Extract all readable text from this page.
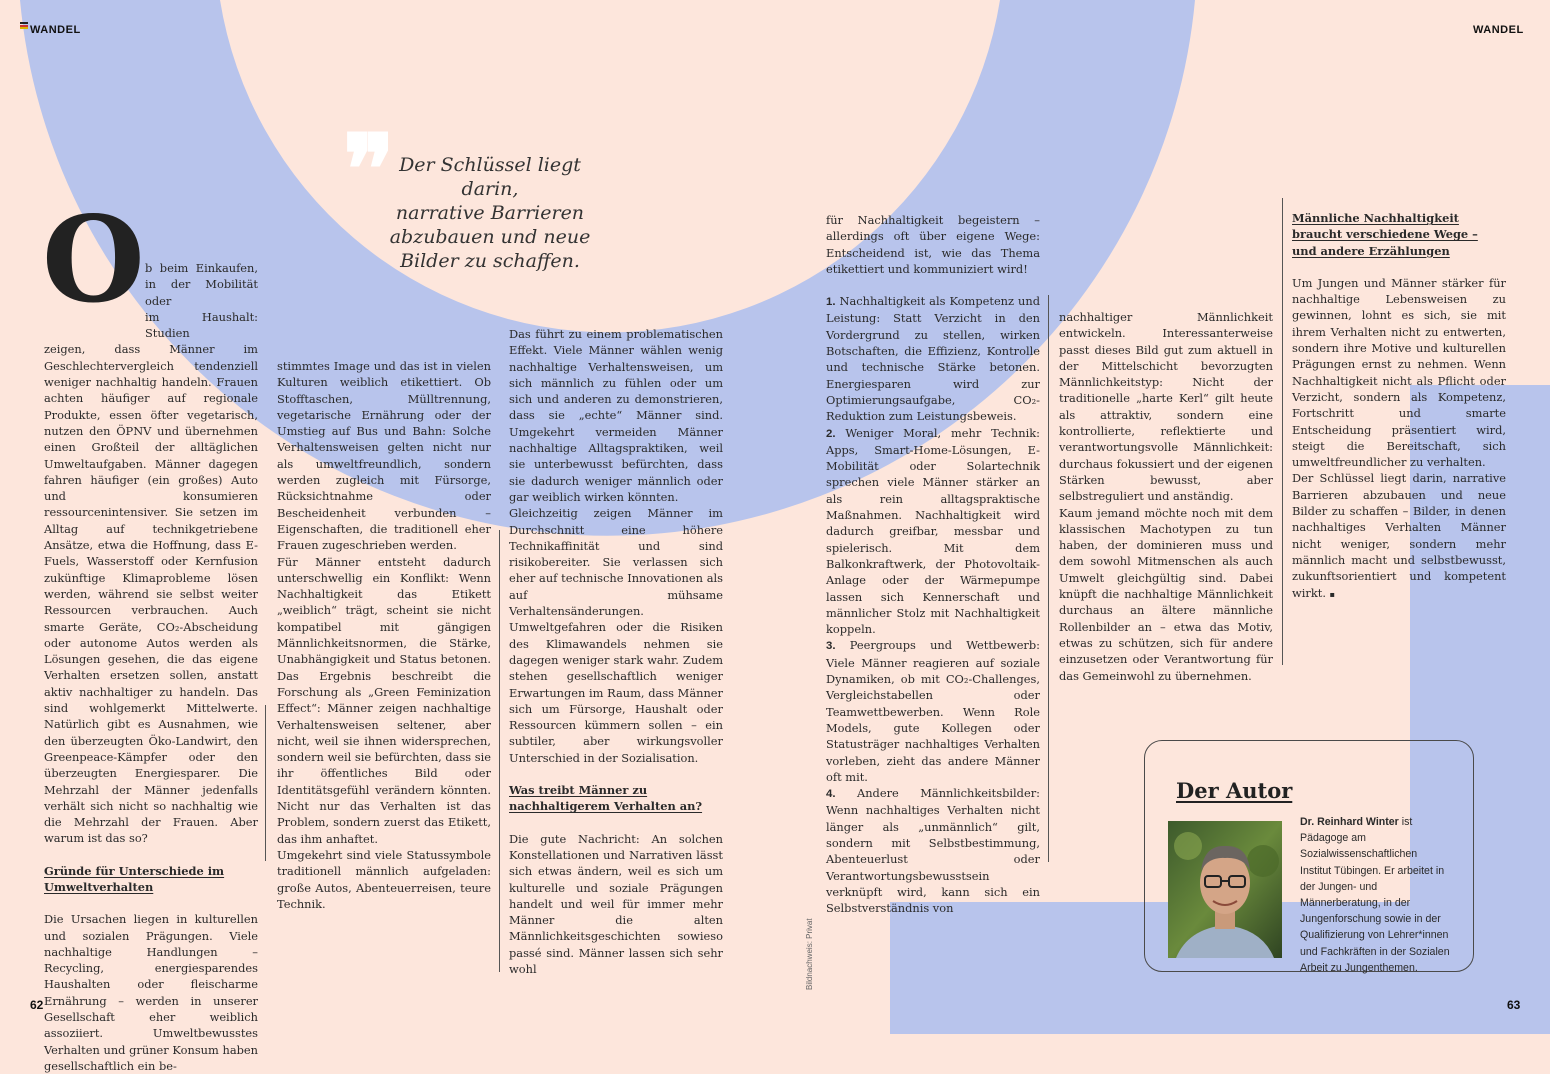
WANDEL	WANDEL
❞ Der Schlüssel liegt darin,
narrative Barrieren
abzubauen und neue
Bilder zu schaffen.
O b beim Einkaufen,
in der Mobilität oder
im Haushalt: Studien

zeigen, dass Männer im Geschlechtervergleich tendenziell weniger nachhaltig handeln. Frauen achten häufiger auf regionale Produkte, essen öfter vegetarisch, nutzen den ÖPNV und übernehmen einen Großteil der alltäglichen Umweltaufgaben. Männer dagegen fahren häufiger (ein großes) Auto und konsumieren ressourcenintensiver. Sie setzen im Alltag auf technikgetriebene Ansätze, etwa die Hoffnung, dass E-Fuels, Wasserstoff oder Kernfusion zukünftige Klimaprobleme lösen werden, während sie selbst weiter Ressourcen verbrauchen. Auch smarte Geräte, CO₂-Abscheidung oder autonome Autos werden als Lösungen gesehen, die das eigene Verhalten ersetzen sollen, anstatt aktiv nachhaltiger zu handeln. Das sind wohlgemerkt Mittelwerte. Natürlich gibt es Ausnahmen, wie den überzeugten Öko-Landwirt, den Greenpeace-Kämpfer oder den überzeugten Energiesparer. Die Mehrzahl der Männer jedenfalls verhält sich nicht so nachhaltig wie die Mehrzahl der Frauen. Aber warum ist das so?

Gründe für Unterschiede im Umweltverhalten

Die Ursachen liegen in kulturellen und sozialen Prägungen. Viele nachhaltige Handlungen – Recycling, energiesparendes Haushalten oder fleischarme Ernährung – werden in unserer Gesellschaft eher weiblich assoziiert. Umweltbewusstes Verhalten und grüner Konsum haben gesellschaftlich ein be-

stimmtes Image und das ist in vielen Kulturen weiblich etikettiert. Ob Stofftaschen, Mülltrennung, vegetarische Ernährung oder der Umstieg auf Bus und Bahn: Solche Verhaltensweisen gelten nicht nur als umweltfreundlich, sondern werden zugleich mit Fürsorge, Rücksichtnahme oder Bescheidenheit verbunden – Eigenschaften, die traditionell eher Frauen zugeschrieben werden.

Für Männer entsteht dadurch unterschwellig ein Konflikt: Wenn Nachhaltigkeit das Etikett „weiblich“ trägt, scheint sie nicht kompatibel mit gängigen Männlichkeitsnormen, die Stärke, Unabhängigkeit und Status betonen. Das Ergebnis beschreibt die Forschung als „Green Feminization Effect“: Männer zeigen nachhaltige Verhaltensweisen seltener, aber nicht, weil sie ihnen widersprechen, sondern weil sie befürchten, dass sie ihr öffentliches Bild oder Identitätsgefühl verändern könnten. Nicht nur das Verhalten ist das Problem, sondern zuerst das Etikett, das ihm anhaftet.

Umgekehrt sind viele Statussymbole traditionell männlich aufgeladen: große Autos, Abenteuerreisen, teure Technik.

Das führt zu einem problematischen Effekt. Viele Männer wählen wenig nachhaltige Verhaltensweisen, um sich männlich zu fühlen oder um sich und anderen zu demonstrieren, dass sie „echte“ Männer sind. Umgekehrt vermeiden Männer nachhaltige Alltagspraktiken, weil sie unterbewusst befürchten, dass sie dadurch weniger männlich oder gar weiblich wirken könnten.

Gleichzeitig zeigen Männer im Durchschnitt eine höhere Technikaffinität und sind risikobereiter. Sie verlassen sich eher auf technische Innovationen als auf mühsame Verhaltensänderungen. Umweltgefahren oder die Risiken des Klimawandels nehmen sie dagegen weniger stark wahr. Zudem stehen gesellschaftlich weniger Erwartungen im Raum, dass Männer sich um Fürsorge, Haushalt oder Ressourcen kümmern sollen – ein subtiler, aber wirkungsvoller Unterschied in der Sozialisation.

Was treibt Männer zu nachhaltigerem Verhalten an?

Die gute Nachricht: An solchen Konstellationen und Narrativen lässt sich etwas ändern, weil es sich um kulturelle und soziale Prägungen handelt und weil für immer mehr Männer die alten Männlichkeitsgeschichten sowieso passé sind. Männer lassen sich sehr wohl	Bildnachweis: Privat

für Nachhaltigkeit begeistern – allerdings oft über eigene Wege: Entscheidend ist, wie das Thema etikettiert und kommuniziert wird!

1. Nachhaltigkeit als Kompetenz und Leistung: Statt Verzicht in den Vordergrund zu stellen, wirken Botschaften, die Effizienz, Kontrolle und technische Stärke betonen. Energiesparen wird zur Optimierungsaufgabe, CO₂-Reduktion zum Leistungsbeweis.

2. Weniger Moral, mehr Technik: Apps, Smart-Home-Lösungen, E-Mobilität oder Solartechnik sprechen viele Männer stärker an als rein alltagspraktische Maßnahmen. Nachhaltigkeit wird dadurch greifbar, messbar und spielerisch. Mit dem Balkonkraftwerk, der Photovoltaik-Anlage oder der Wärmepumpe lassen sich Kennerschaft und männlicher Stolz mit Nachhaltigkeit koppeln.

3. Peergroups und Wettbewerb: Viele Männer reagieren auf soziale Dynamiken, ob mit CO₂-Challenges, Vergleichstabellen oder Teamwettbewerben. Wenn Role Models, gute Kollegen oder Statusträger nachhaltiges Verhalten vorleben, zieht das andere Männer oft mit.

4. Andere Männlichkeitsbilder: Wenn nachhaltiges Verhalten nicht länger als „unmännlich“ gilt, sondern mit Selbstbestimmung, Abenteuerlust oder Verantwortungsbewusstsein verknüpft wird, kann sich ein Selbstverständnis von

nachhaltiger Männlichkeit entwickeln. Interessanterweise passt dieses Bild gut zum aktuell in der Mittelschicht bevorzugten Männlichkeitstyp: Nicht der traditionelle „harte Kerl“ gilt heute als attraktiv, sondern eine kontrollierte, reflektierte und verantwortungsvolle Männlichkeit: durchaus fokussiert und der eigenen Stärken bewusst, aber selbstreguliert und anständig.

Kaum jemand möchte noch mit dem klassischen Machotypen zu tun haben, der dominieren muss und dem sowohl Mitmenschen als auch Umwelt gleichgültig sind. Dabei knüpft die nachhaltige Männlichkeit durchaus an ältere männliche Rollenbilder an – etwa das Motiv, etwas zu schützen, sich für andere einzusetzen oder Verantwortung für das Gemeinwohl zu übernehmen.

Männliche Nachhaltigkeit braucht verschiedene Wege – und andere Erzählungen

Um Jungen und Männer stärker für nachhaltige Lebensweisen zu gewinnen, lohnt es sich, sie mit ihrem Verhalten nicht zu entwerten, sondern ihre Motive und kulturellen Prägungen ernst zu nehmen. Wenn Nachhaltigkeit nicht als Pflicht oder Verzicht, sondern als Kompetenz, Fortschritt und smarte Entscheidung präsentiert wird, steigt die Bereitschaft, sich umweltfreundlicher zu verhalten.

Der Schlüssel liegt darin, narrative Barrieren abzubauen und neue Bilder zu schaffen – Bilder, in denen nachhaltiges Verhalten Männer nicht weniger, sondern mehr männlich macht und selbstbewusst, zukunftsorientiert und kompetent wirkt. ▪

Der Autor
Dr. Reinhard Winter ist Pädagoge am Sozialwissenschaftlichen Institut Tübingen. Er arbeitet in der Jungen- und Männerberatung, in der Jungenforschung sowie in der Qualifizierung von Lehrer*innen und Fachkräften in der Sozialen Arbeit zu Jungenthemen.
62	63
